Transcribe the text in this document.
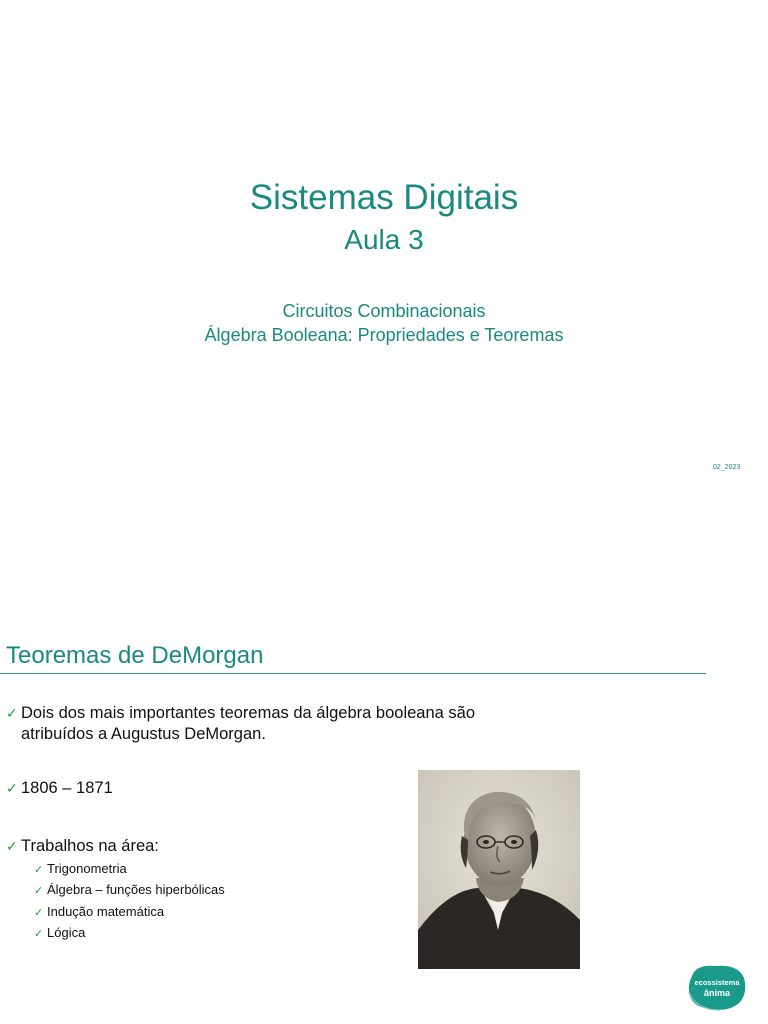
Sistemas Digitais
Aula 3
Circuitos Combinacionais
Álgebra Booleana: Propriedades e Teoremas
02_2023
Teoremas de DeMorgan
✓ Dois dos mais importantes teoremas da álgebra booleana são
atribuídos a Augustus DeMorgan.
✓ 1806 – 1871
✓ Trabalhos na área:
✓ Trigonometria
✓ Álgebra – funções hiperbólicas
✓ Indução matemática
✓ Lógica
ecossistema
ânima
